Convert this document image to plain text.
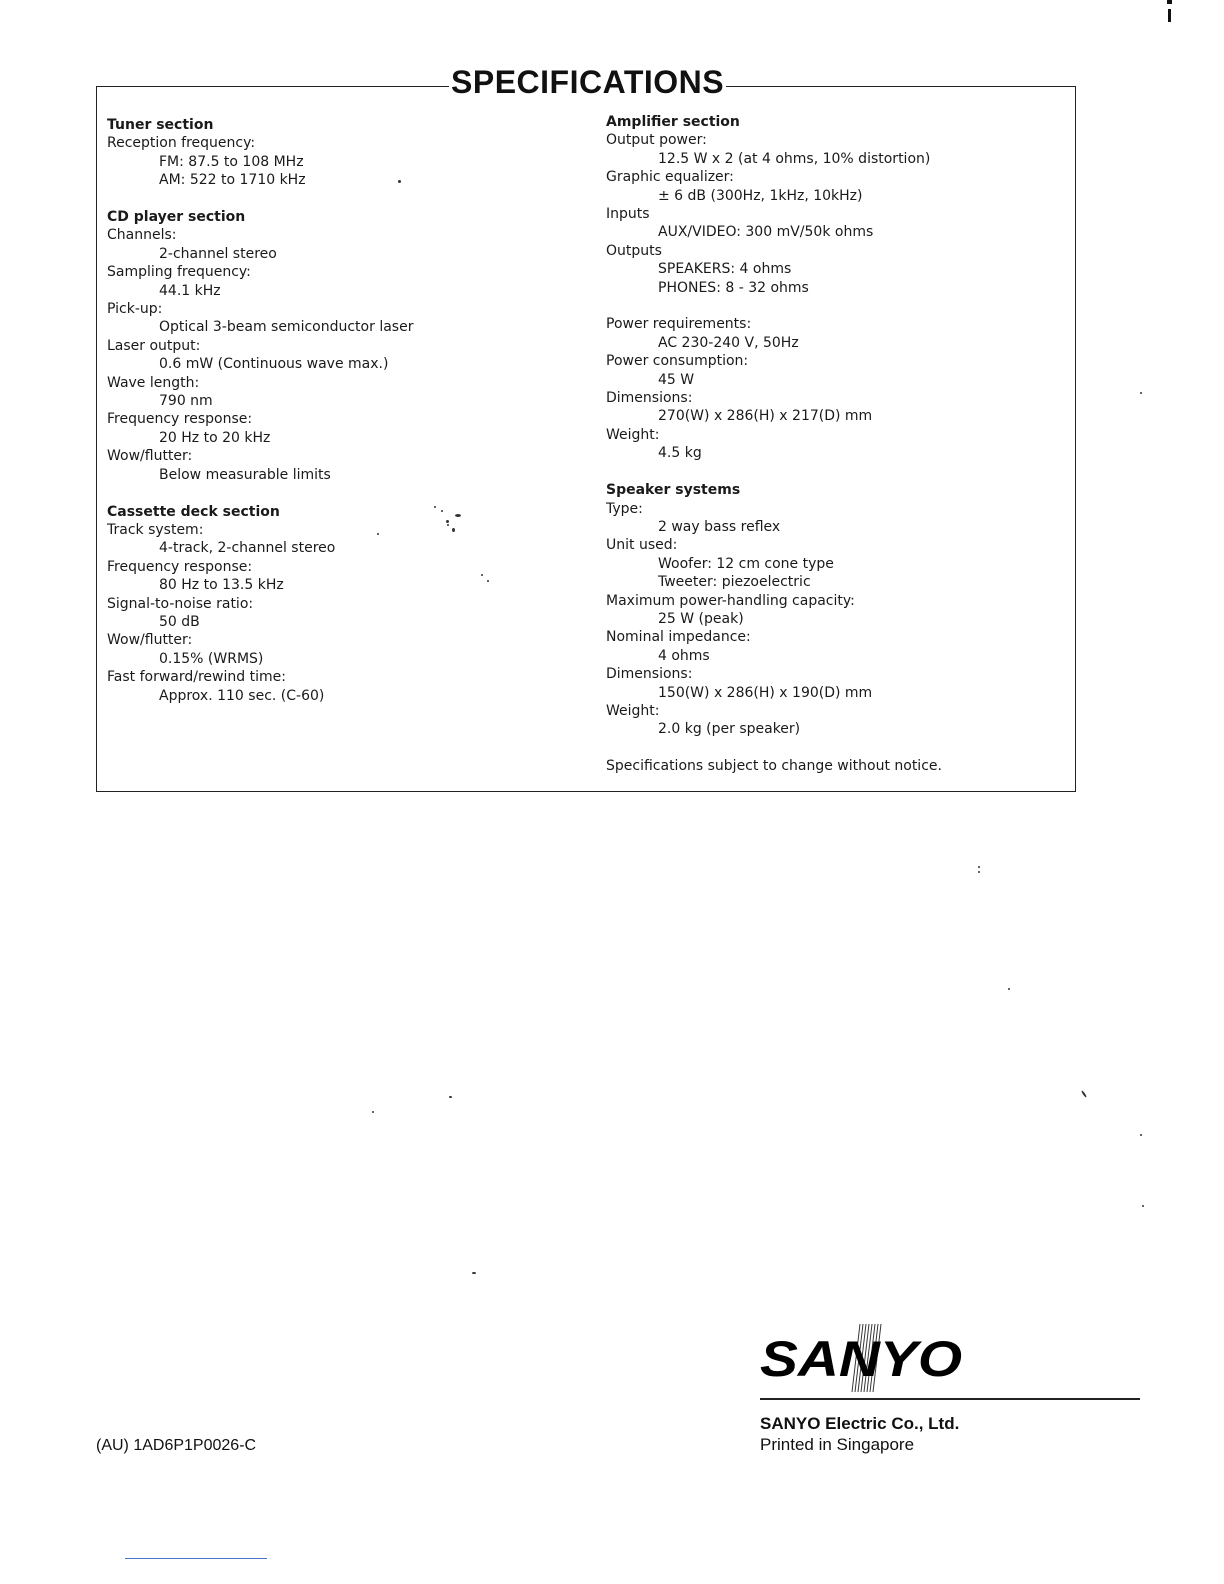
SPECIFICATIONS
Tuner section
Reception frequency:
FM: 87.5 to 108 MHz
AM: 522 to 1710 kHz
CD player section
Channels:
2-channel stereo
Sampling frequency:
44.1 kHz
Pick-up:
Optical 3-beam semiconductor laser
Laser output:
0.6 mW (Continuous wave max.)
Wave length:
790 nm
Frequency response:
20 Hz to 20 kHz
Wow/flutter:
Below measurable limits
Cassette deck section
Track system:
4-track, 2-channel stereo
Frequency response:
80 Hz to 13.5 kHz
Signal-to-noise ratio:
50 dB
Wow/flutter:
0.15% (WRMS)
Fast forward/rewind time:
Approx. 110 sec. (C-60)
Amplifier section
Output power:
12.5 W x 2 (at 4 ohms, 10% distortion)
Graphic equalizer:
± 6 dB (300Hz, 1kHz, 10kHz)
Inputs
AUX/VIDEO: 300 mV/50k ohms
Outputs
SPEAKERS: 4 ohms
PHONES: 8 - 32 ohms
Power requirements:
AC 230-240 V, 50Hz
Power consumption:
45 W
Dimensions:
270(W) x 286(H) x 217(D) mm
Weight:
4.5 kg
Speaker systems
Type:
2 way bass reflex
Unit used:
Woofer: 12 cm cone type
Tweeter: piezoelectric
Maximum power-handling capacity:
25 W (peak)
Nominal impedance:
4 ohms
Dimensions:
150(W) x 286(H) x 190(D) mm
Weight:
2.0 kg (per speaker)
Specifications subject to change without notice.
SANYO
SANYO Electric Co., Ltd.
Printed in Singapore
(AU) 1AD6P1P0026-C
